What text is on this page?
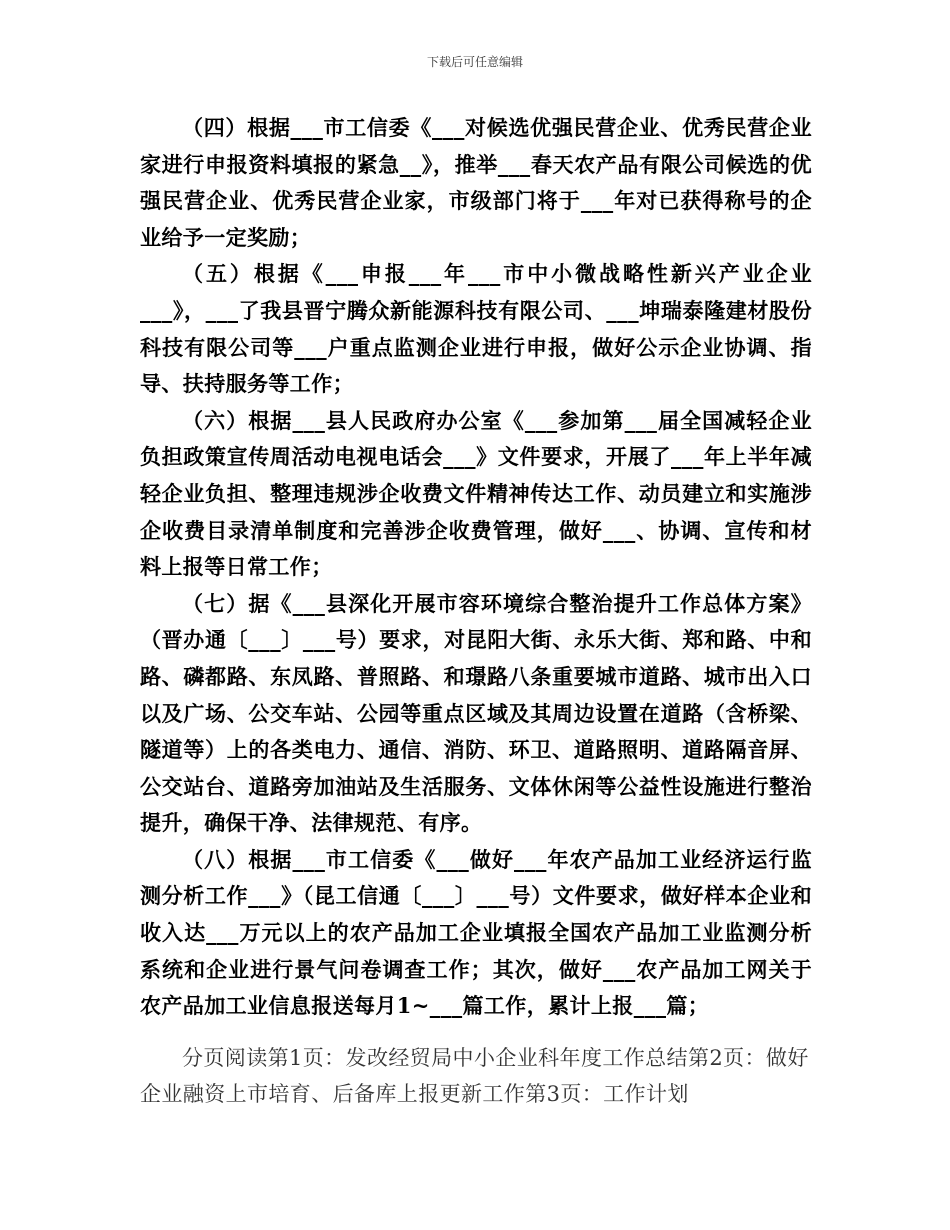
下载后可任意编辑

（四）根据___市工信委《___对候选优强民营企业、优秀民营企业家进行申报资料填报的紧急__》，推举___春天农产品有限公司候选的优强民营企业、优秀民营企业家，市级部门将于___年对已获得称号的企业给予一定奖励；

（五）根据《___申报___年___市中小微战略性新兴产业企业___》，___了我县晋宁腾众新能源科技有限公司、___坤瑞泰隆建材股份科技有限公司等___户重点监测企业进行申报，做好公示企业协调、指导、扶持服务等工作；

（六）根据___县人民政府办公室《___参加第___届全国减轻企业负担政策宣传周活动电视电话会___》文件要求，开展了___年上半年减轻企业负担、整理违规涉企收费文件精神传达工作、动员建立和实施涉企收费目录清单制度和完善涉企收费管理，做好___、协调、宣传和材料上报等日常工作；

（七）据《___县深化开展市容环境综合整治提升工作总体方案》（晋办通〔___〕___号）要求，对昆阳大街、永乐大街、郑和路、中和路、磷都路、东凤路、普照路、和璟路八条重要城市道路、城市出入口以及广场、公交车站、公园等重点区域及其周边设置在道路（含桥梁、隧道等）上的各类电力、通信、消防、环卫、道路照明、道路隔音屏、公交站台、道路旁加油站及生活服务、文体休闲等公益性设施进行整治提升，确保干净、法律规范、有序。

（八）根据___市工信委《___做好___年农产品加工业经济运行监测分析工作___》（昆工信通〔___〕___号）文件要求，做好样本企业和收入达___万元以上的农产品加工企业填报全国农产品加工业监测分析系统和企业进行景气问卷调查工作；其次，做好___农产品加工网关于农产品加工业信息报送每月1~___篇工作，累计上报___篇；

分页阅读第1页：发改经贸局中小企业科年度工作总结第2页：做好企业融资上市培育、后备库上报更新工作第3页：工作计划
